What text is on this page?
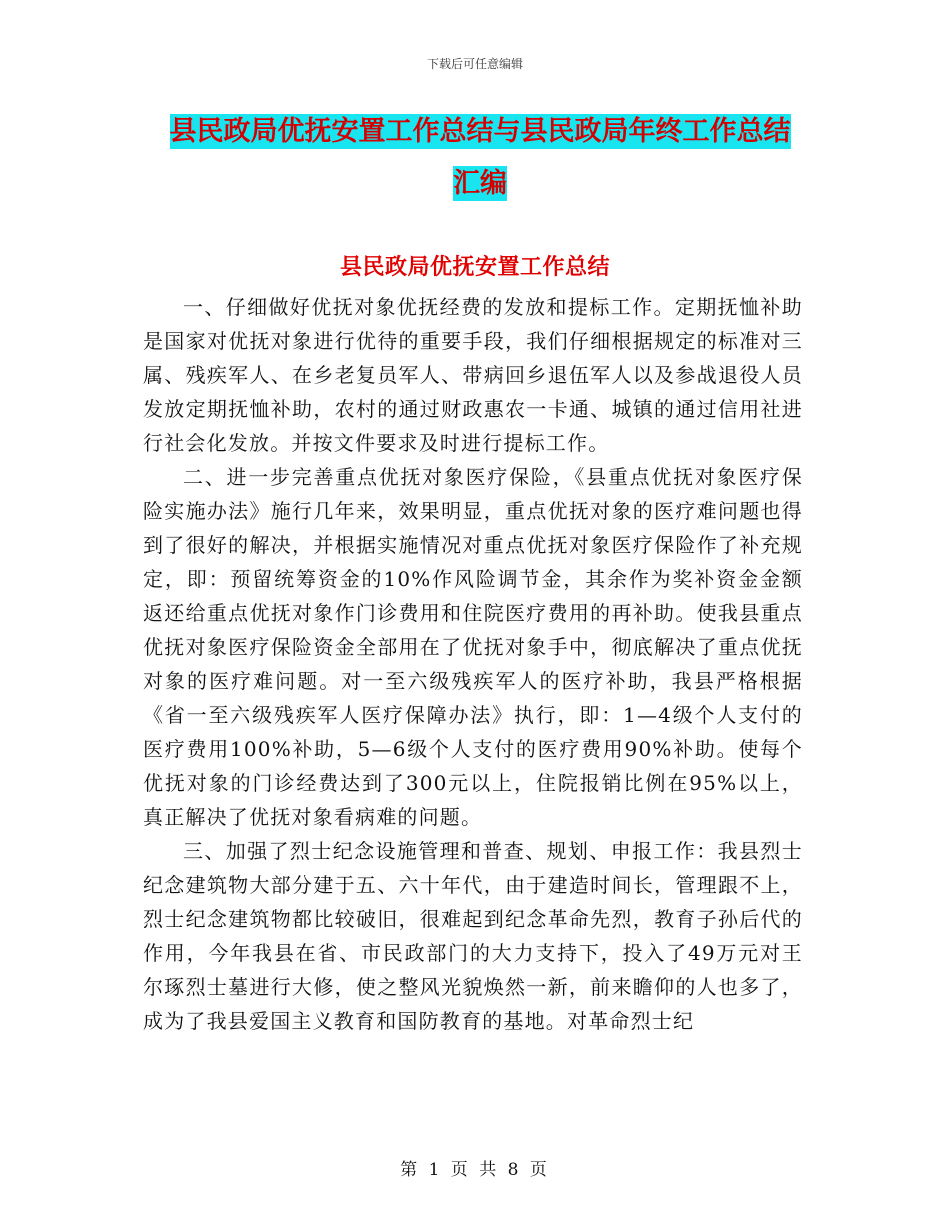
下载后可任意编辑
县民政局优抚安置工作总结与县民政局年终工作总结
汇编
县民政局优抚安置工作总结

一、仔细做好优抚对象优抚经费的发放和提标工作。定期抚恤补助是国家对优抚对象进行优待的重要手段，我们仔细根据规定的标准对三属、残疾军人、在乡老复员军人、带病回乡退伍军人以及参战退役人员发放定期抚恤补助，农村的通过财政惠农一卡通、城镇的通过信用社进行社会化发放。并按文件要求及时进行提标工作。

二、进一步完善重点优抚对象医疗保险，《县重点优抚对象医疗保险实施办法》施行几年来，效果明显，重点优抚对象的医疗难问题也得到了很好的解决，并根据实施情况对重点优抚对象医疗保险作了补充规定，即：预留统筹资金的10%作风险调节金，其余作为奖补资金金额返还给重点优抚对象作门诊费用和住院医疗费用的再补助。使我县重点优抚对象医疗保险资金全部用在了优抚对象手中，彻底解决了重点优抚对象的医疗难问题。对一至六级残疾军人的医疗补助，我县严格根据《省一至六级残疾军人医疗保障办法》执行，即：1—4级个人支付的医疗费用100%补助，5—6级个人支付的医疗费用90%补助。使每个优抚对象的门诊经费达到了300元以上，住院报销比例在95%以上，真正解决了优抚对象看病难的问题。

三、加强了烈士纪念设施管理和普查、规划、申报工作：我县烈士纪念建筑物大部分建于五、六十年代，由于建造时间长，管理跟不上，烈士纪念建筑物都比较破旧，很难起到纪念革命先烈，教育子孙后代的作用，今年我县在省、市民政部门的大力支持下，投入了49万元对王尔琢烈士墓进行大修，使之整风光貌焕然一新，前来瞻仰的人也多了，成为了我县爱国主义教育和国防教育的基地。对革命烈士纪

第 1 页 共 8 页
